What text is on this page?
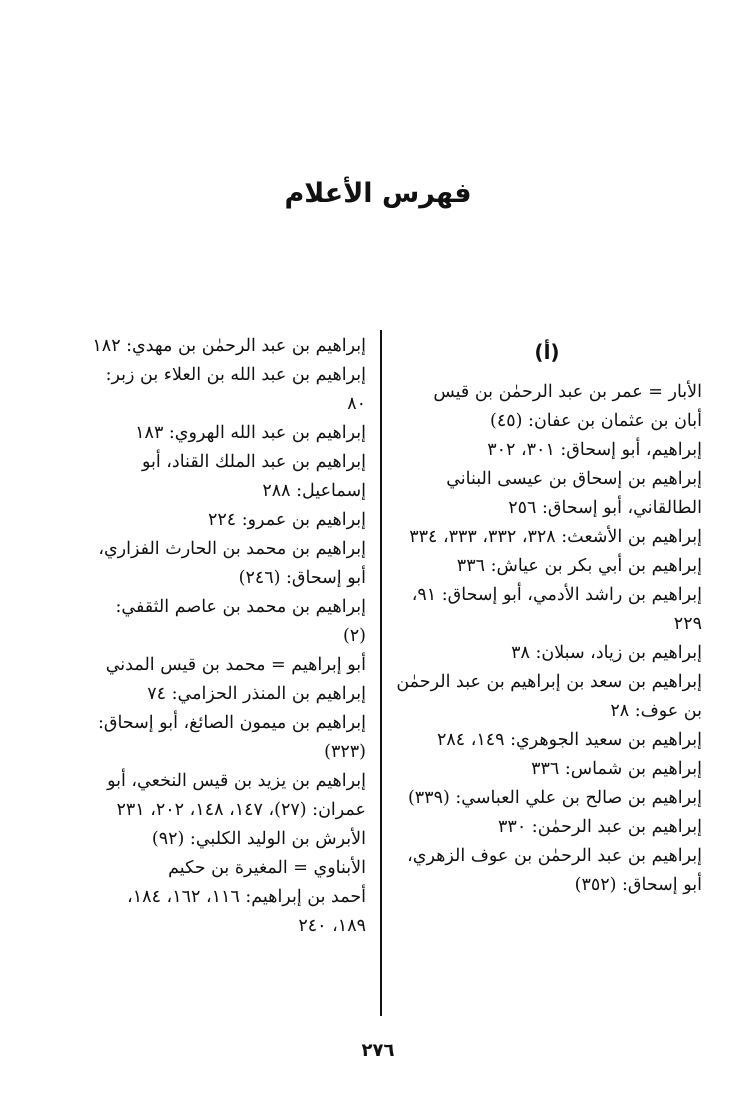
فهرس الأعلام
(أ)

الأبار = عمر بن عبد الرحمٰن بن قيس

أبان بن عثمان بن عفان: (٤٥)

إبراهيم، أبو إسحاق: ٣٠١، ٣٠٢

إبراهيم بن إسحاق بن عيسى البناني الطالقاني، أبو إسحاق: ٢٥٦

إبراهيم بن الأشعث: ٣٢٨، ٣٣٢، ٣٣٣، ٣٣٤

إبراهيم بن أبي بكر بن عياش: ٣٣٦

إبراهيم بن راشد الأدمي، أبو إسحاق: ٩١، ٢٢٩

إبراهيم بن زياد، سبلان: ٣٨

إبراهيم بن سعد بن إبراهيم بن عبد الرحمٰن بن عوف: ٢٨

إبراهيم بن سعيد الجوهري: ١٤٩، ٢٨٤

إبراهيم بن شماس: ٣٣٦

إبراهيم بن صالح بن علي العباسي: (٣٣٩)

إبراهيم بن عبد الرحمٰن: ٣٣٠

إبراهيم بن عبد الرحمٰن بن عوف الزهري، أبو إسحاق: (٣٥٢)

إبراهيم بن عبد الرحمٰن بن مهدي: ١٨٢

إبراهيم بن عبد الله بن العلاء بن زبر: ٨٠

إبراهيم بن عبد الله الهروي: ١٨٣

إبراهيم بن عبد الملك القناد، أبو إسماعيل: ٢٨٨

إبراهيم بن عمرو: ٢٢٤

إبراهيم بن محمد بن الحارث الفزاري، أبو إسحاق: (٢٤٦)

إبراهيم بن محمد بن عاصم الثقفي: (٢)

أبو إبراهيم = محمد بن قيس المدني

إبراهيم بن المنذر الحزامي: ٧٤

إبراهيم بن ميمون الصائغ، أبو إسحاق: (٣٢٣)

إبراهيم بن يزيد بن قيس النخعي، أبو عمران: (٢٧)، ١٤٧، ١٤٨، ٢٠٢، ٢٣١

الأبرش بن الوليد الكلبي: (٩٢)

الأبناوي = المغيرة بن حكيم

أحمد بن إبراهيم: ١١٦، ١٦٢، ١٨٤، ١٨٩، ٢٤٠

٢٧٦
